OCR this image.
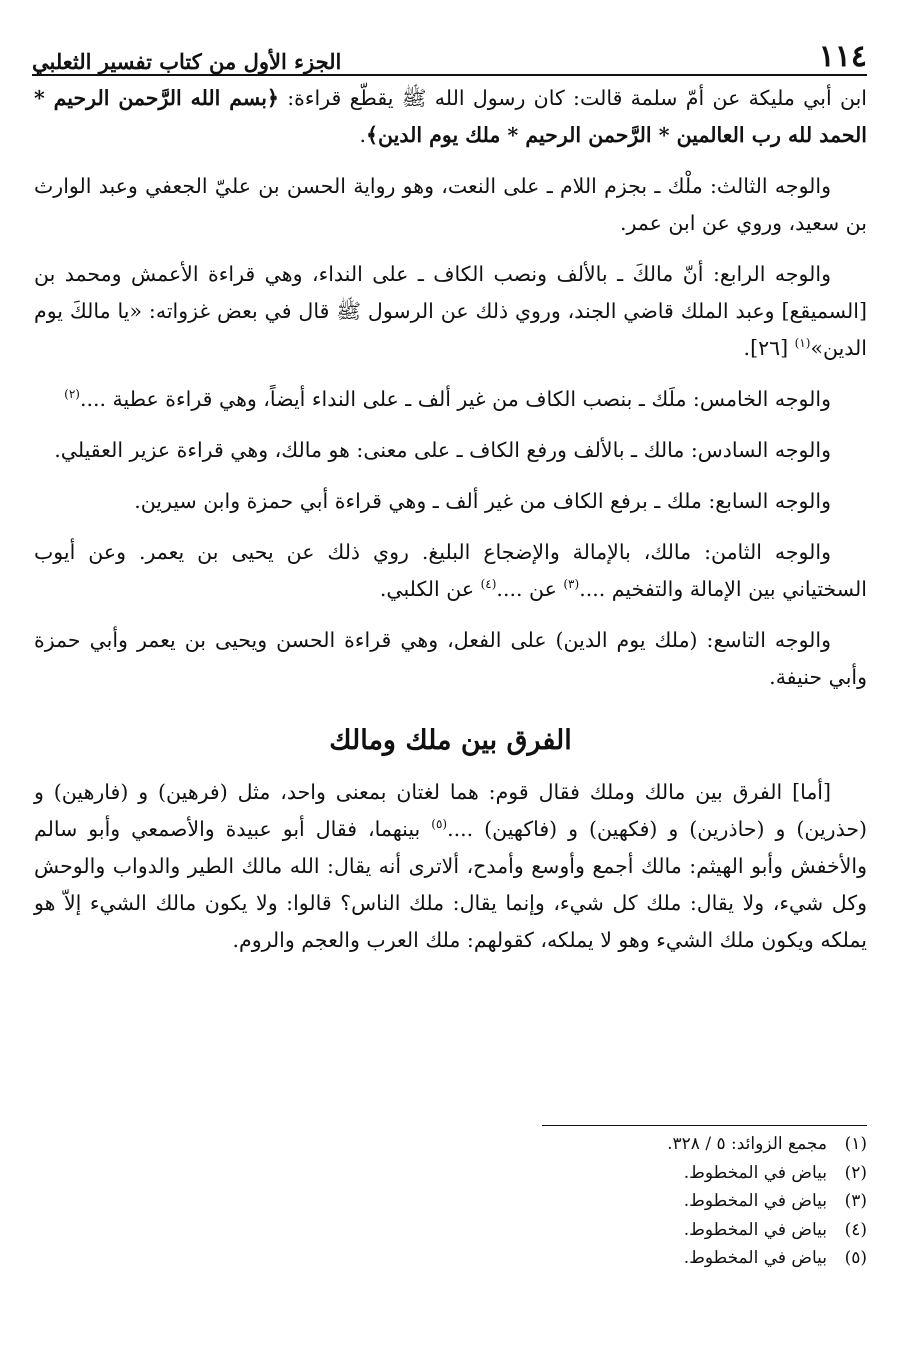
١١٤
الجزء الأول من كتاب تفسير الثعلبي

ابن أبي مليكة عن أمّ سلمة قالت: كان رسول الله ﷺ يقطّع قراءة: ﴿بسم الله الرَّحمن الرحيم * الحمد لله رب العالمين * الرَّحمن الرحيم * ملك يوم الدين﴾.

والوجه الثالث: ملْك ـ بجزم اللام ـ على النعت، وهو رواية الحسن بن عليّ الجعفي وعبد الوارث بن سعيد، وروي عن ابن عمر.

والوجه الرابع: أنّ مالكَ ـ بالألف ونصب الكاف ـ على النداء، وهي قراءة الأعمش ومحمد بن [السميقع] وعبد الملك قاضي الجند، وروي ذلك عن الرسول ﷺ قال في بعض غزواته: «يا مالكَ يوم الدين»$^{(١)}$ [٢٦].

والوجه الخامس: ملَك ـ بنصب الكاف من غير ألف ـ على النداء أيضاً، وهي قراءة عطية ....$^{(٢)}$

والوجه السادس: مالك ـ بالألف ورفع الكاف ـ على معنى: هو مالك، وهي قراءة عزير العقيلي.

والوجه السابع: ملك ـ برفع الكاف من غير ألف ـ وهي قراءة أبي حمزة وابن سيرين.

والوجه الثامن: مالك، بالإمالة والإضجاع البليغ. روي ذلك عن يحيى بن يعمر. وعن أيوب السختياني بين الإمالة والتفخيم ....$^{(٣)}$ عن ....$^{(٤)}$ عن الكلبي.

والوجه التاسع: (ملك يوم الدين) على الفعل، وهي قراءة الحسن ويحيى بن يعمر وأبي حمزة وأبي حنيفة.

الفرق بين ملك ومالك

[أما] الفرق بين مالك وملك فقال قوم: هما لغتان بمعنى واحد، مثل (فرهين) و (فارهين) و (حذرين) و (حاذرين) و (فكهين) و (فاكهين) ....$^{(٥)}$ بينهما، فقال أبو عبيدة والأصمعي وأبو سالم والأخفش وأبو الهيثم: مالك أجمع وأوسع وأمدح، ألاترى أنه يقال: الله مالك الطير والدواب والوحش وكل شيء، ولا يقال: ملك كل شيء، وإنما يقال: ملك الناس؟ قالوا: ولا يكون مالك الشيء إلاّ هو يملكه ويكون ملك الشيء وهو لا يملكه، كقولهم: ملك العرب والعجم والروم.

(١)
مجمع الزوائد: ٥ / ٣٢٨.
(٢)
بياض في المخطوط.
(٣)
بياض في المخطوط.
(٤)
بياض في المخطوط.
(٥)
بياض في المخطوط.
